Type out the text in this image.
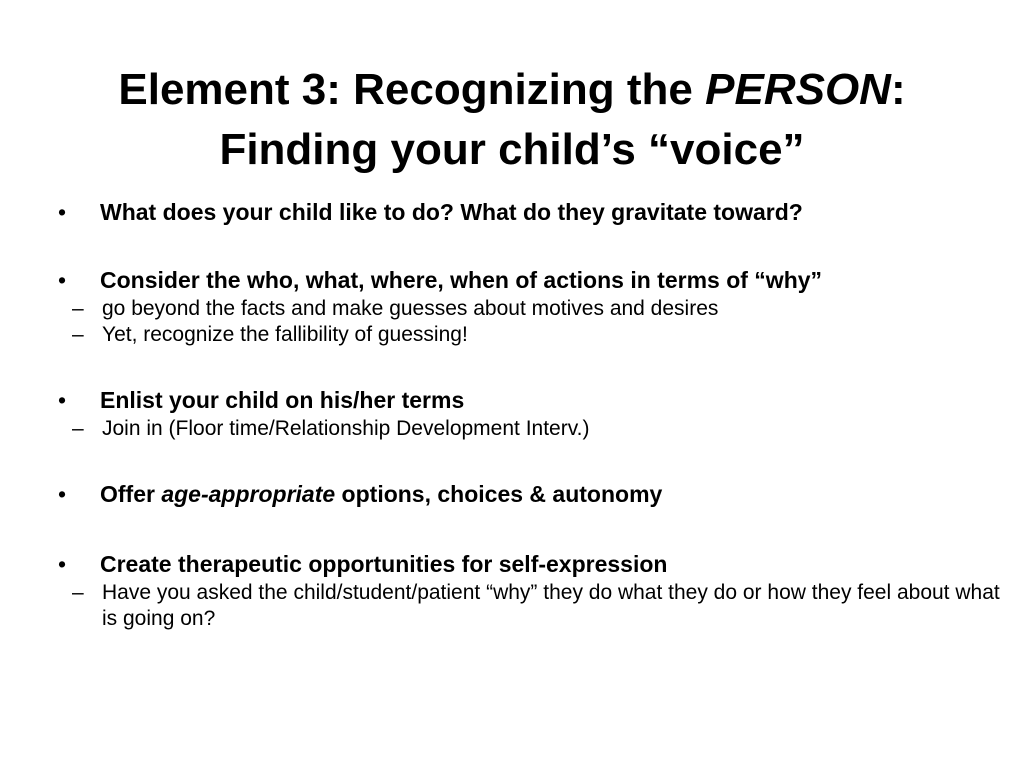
Element 3: Recognizing the PERSON:
Finding your child’s “voice”
•	What does your child like to do? What do they gravitate toward?
•	Consider the who, what, where, when of actions in terms of “why”
– go beyond the facts and make guesses about motives and desires
– Yet, recognize the fallibility of guessing!
•	Enlist your child on his/her terms
– Join in (Floor time/Relationship Development Interv.)
•	Offer age-appropriate options, choices & autonomy
•	Create therapeutic opportunities for self-expression
– Have you asked the child/student/patient “why” they do what they do or how they feel about what is going on?
